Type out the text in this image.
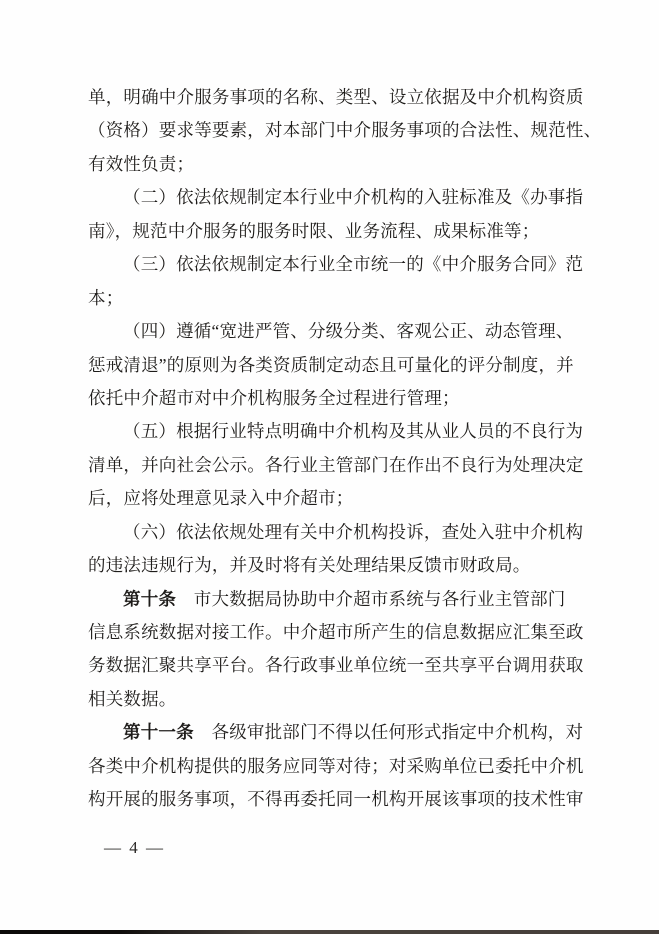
单，明确中介服务事项的名称、类型、设立依据及中介机构资质
（资格）要求等要素，对本部门中介服务事项的合法性、规范性、
有效性负责；
（二）依法依规制定本行业中介机构的入驻标准及《办事指
南》，规范中介服务的服务时限、业务流程、成果标准等；
（三）依法依规制定本行业全市统一的《中介服务合同》范
本；
（四）遵循“宽进严管、分级分类、客观公正、动态管理、
惩戒清退”的原则为各类资质制定动态且可量化的评分制度，并
依托中介超市对中介机构服务全过程进行管理；
（五）根据行业特点明确中介机构及其从业人员的不良行为
清单，并向社会公示。各行业主管部门在作出不良行为处理决定
后，应将处理意见录入中介超市；
（六）依法依规处理有关中介机构投诉，查处入驻中介机构
的违法违规行为，并及时将有关处理结果反馈市财政局。
第十条　市大数据局协助中介超市系统与各行业主管部门
信息系统数据对接工作。中介超市所产生的信息数据应汇集至政
务数据汇聚共享平台。各行政事业单位统一至共享平台调用获取
相关数据。
第十一条　各级审批部门不得以任何形式指定中介机构，对
各类中介机构提供的服务应同等对待；对采购单位已委托中介机
构开展的服务事项，不得再委托同一机构开展该事项的技术性审
— 4 —
